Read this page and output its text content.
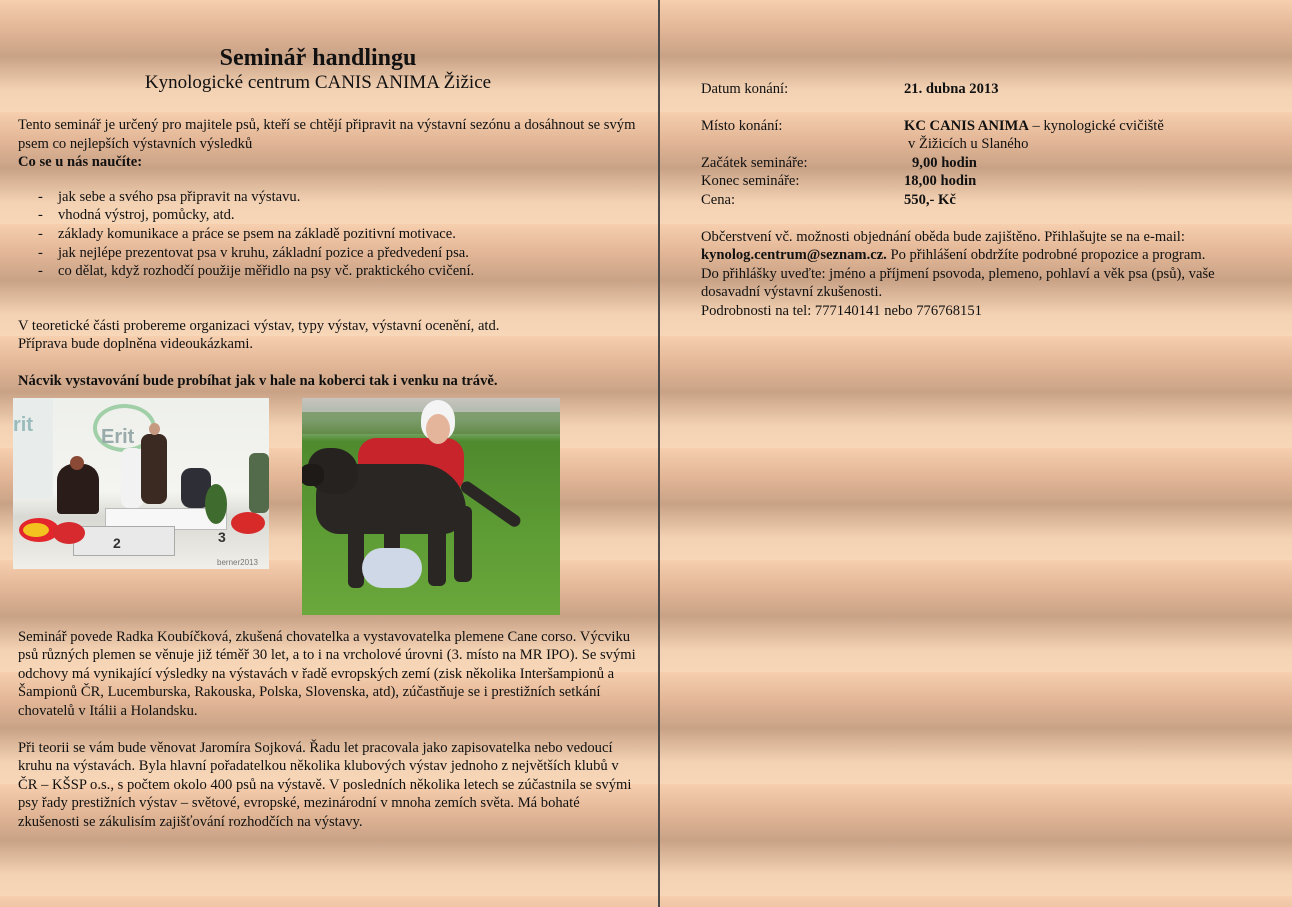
Seminář handlingu
Kynologické centrum CANIS ANIMA Žižice

Tento seminář je určený pro majitele psů, kteří se chtějí připravit na výstavní sezónu a dosáhnout se svým psem co nejlepších výstavních výsledků

Co se u nás naučíte:

- jak sebe a svého psa připravit na výstavu.
- vhodná výstroj, pomůcky, atd.
- základy komunikace a práce se psem na základě pozitivní motivace.
- jak nejlépe prezentovat psa v kruhu, základní pozice a předvedení psa.
- co dělat, když rozhodčí použije měřidlo na psy vč. praktického cvičení.

V teoretické části probereme organizaci výstav, typy výstav, výstavní ocenění, atd.

Příprava bude doplněna videoukázkami.

Nácvik vystavování bude probíhat jak v hale na koberci tak i venku na trávě.

Erit
rit
2	3
berner2013

Seminář povede Radka Koubíčková, zkušená chovatelka a vystavovatelka plemene Cane corso. Výcviku psů různých plemen se věnuje již téměř 30 let, a to i na vrcholové úrovni (3. místo na MR IPO). Se svými odchovy má vynikající výsledky na výstavách v řadě evropských zemí (zisk několika Interšampionů a Šampionů ČR, Lucemburska, Rakouska, Polska, Slovenska, atd), zúčastňuje se i prestižních setkání chovatelů v Itálii a Holandsku.

Při teorii se vám bude věnovat Jaromíra Sojková. Řadu let pracovala jako zapisovatelka nebo vedoucí kruhu na výstavách. Byla hlavní pořadatelkou několika klubových výstav jednoho z největších klubů v ČR – KŠSP o.s., s počtem okolo 400 psů na výstavě. V posledních několika letech se zúčastnila se svými psy řady prestižních výstav – světové, evropské, mezinárodní v mnoha zemích světa. Má bohaté zkušenosti se zákulisím zajišťování rozhodčích na výstavy.

Datum konání:	21. dubna 2013
Místo konání:	KC CANIS ANIMA – kynologické cvičiště
v Žižicích u Slaného
Začátek semináře:	9,00 hodin
Konec semináře:	18,00 hodin
Cena:	550,- Kč

Občerstvení vč. možnosti objednání oběda bude zajištěno. Přihlašujte se na e-mail:
kynolog.centrum@seznam.cz. Po přihlášení obdržíte podrobné propozice a program.

Do přihlášky uveďte: jméno a příjmení psovoda, plemeno, pohlaví a věk psa (psů), vaše dosavadní výstavní zkušenosti.

Podrobnosti na tel: 777140141 nebo 776768151
